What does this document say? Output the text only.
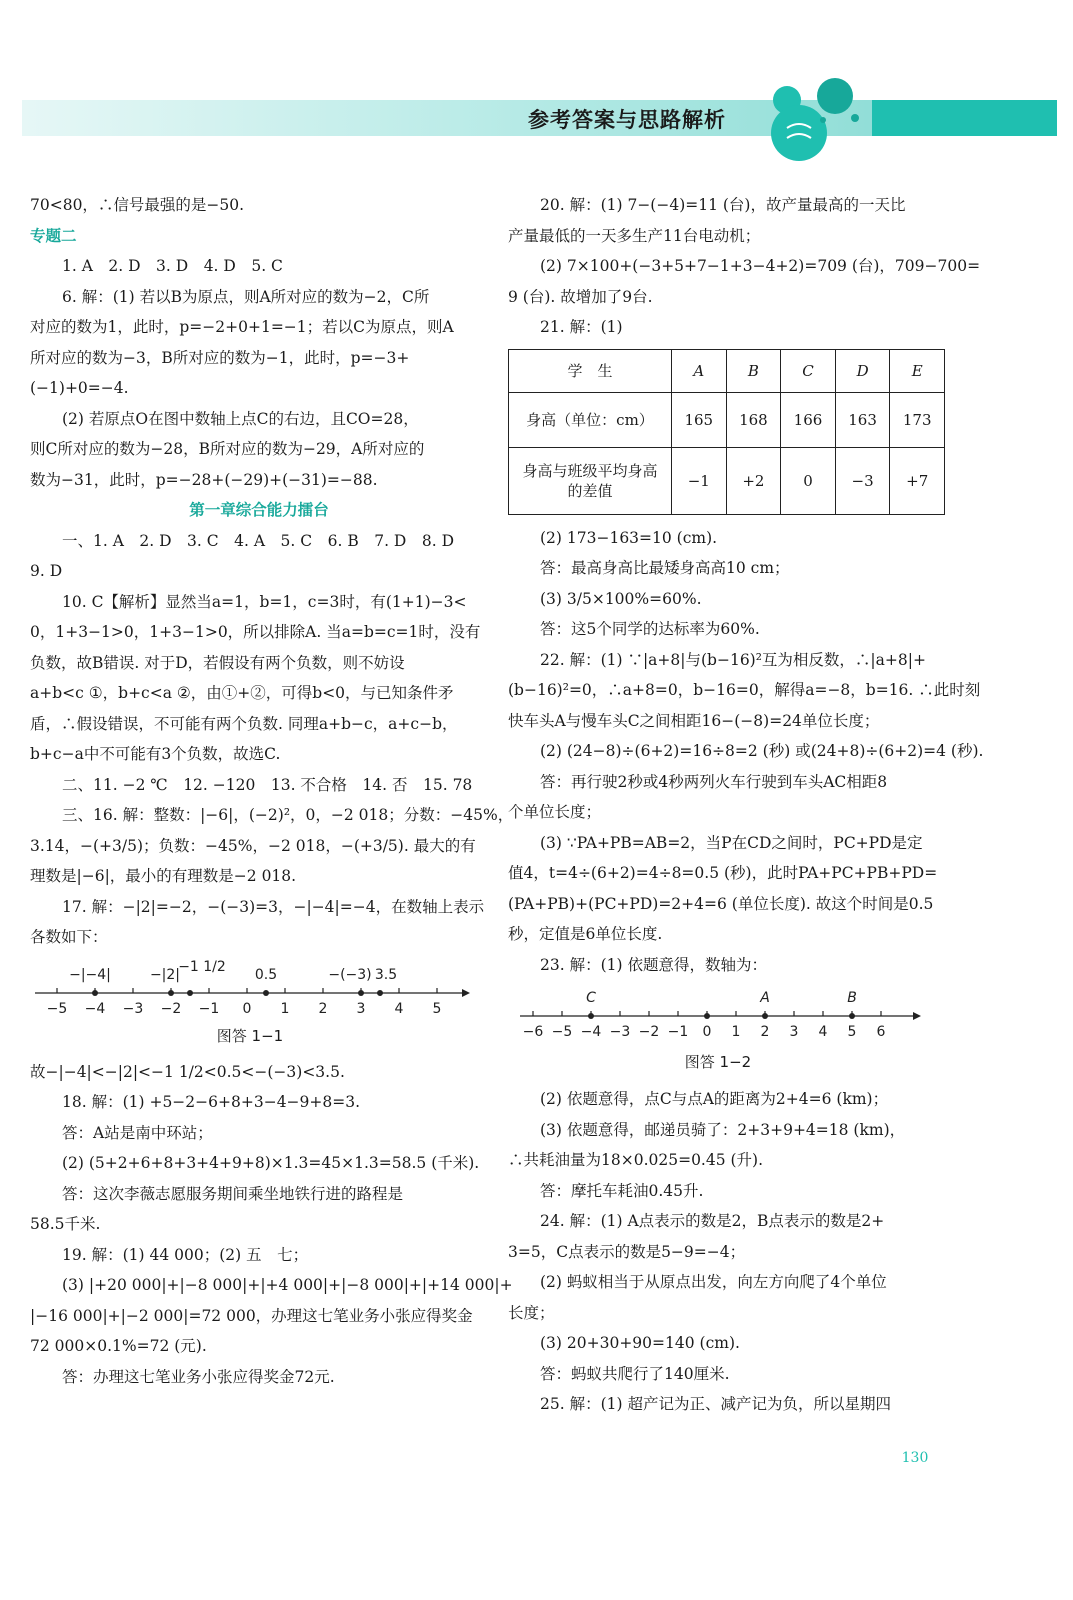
参考答案与思路解析
70<80，∴信号最强的是−50.
专题二
1. A　2. D　3. D　4. D　5. C
6. 解：(1) 若以B为原点，则A所对应的数为−2，C所
对应的数为1，此时，p=−2+0+1=−1；若以C为原点，则A
所对应的数为−3，B所对应的数为−1，此时，p=−3+
(−1)+0=−4.
(2) 若原点O在图中数轴上点C的右边，且CO=28，
则C所对应的数为−28，B所对应的数为−29，A所对应的
数为−31，此时，p=−28+(−29)+(−31)=−88.
第一章综合能力擂台
一、1. A　2. D　3. C　4. A　5. C　6. B　7. D　8. D
9. D
10. C【解析】显然当a=1，b=1，c=3时，有(1+1)−3<
0，1+3−1>0，1+3−1>0，所以排除A. 当a=b=c=1时，没有
负数，故B错误. 对于D，若假设有两个负数，则不妨设
a+b<c ①，b+c<a ②，由①+②，可得b<0，与已知条件矛
盾，∴假设错误，不可能有两个负数. 同理a+b−c，a+c−b，
b+c−a中不可能有3个负数，故选C.
二、11. −2 ℃　12. −120　13. 不合格　14. 否　15. 78
三、16. 解：整数：|−6|，(−2)²，0，−2 018；分数：−45%，
3.14，−(+3/5)；负数：−45%，−2 018，−(+3/5). 最大的有
理数是|−6|，最小的有理数是−2 018.
17. 解：−|2|=−2，−(−3)=3，−|−4|=−4，在数轴上表示
各数如下：
−5 −4 −3 −2 −1 0 1 2 3 4 5
−|−4|	−|2|
−1 1/2 0.5	−(−3) 3.5
图答 1−1
故−|−4|<−|2|<−1 1/2<0.5<−(−3)<3.5.
18. 解：(1) +5−2−6+8+3−4−9+8=3.
答：A站是南中环站；
(2) (5+2+6+8+3+4+9+8)×1.3=45×1.3=58.5 (千米).
答：这次李薇志愿服务期间乘坐地铁行进的路程是
58.5千米.
19. 解：(1) 44 000；(2) 五　七；
(3) |+20 000|+|−8 000|+|+4 000|+|−8 000|+|+14 000|+
|−16 000|+|−2 000|=72 000，办理这七笔业务小张应得奖金
72 000×0.1%=72 (元).
答：办理这七笔业务小张应得奖金72元.
20. 解：(1) 7−(−4)=11 (台)，故产量最高的一天比
产量最低的一天多生产11台电动机；
(2) 7×100+(−3+5+7−1+3−4+2)=709 (台)，709−700=
9 (台). 故增加了9台.
21. 解：(1)
学　生	A	B	C	D	E
身高（单位：cm）	165	168	166	163	173
身高与班级平均身高
的差值	−1	+2	0	−3	+7
(2) 173−163=10 (cm).
答：最高身高比最矮身高高10 cm；
(3) 3/5×100%=60%.
答：这5个同学的达标率为60%.
22. 解：(1) ∵|a+8|与(b−16)²互为相反数，∴|a+8|+
(b−16)²=0，∴a+8=0，b−16=0，解得a=−8，b=16. ∴此时刻
快车头A与慢车头C之间相距16−(−8)=24单位长度；
(2) (24−8)÷(6+2)=16÷8=2 (秒) 或(24+8)÷(6+2)=4 (秒).
答：再行驶2秒或4秒两列火车行驶到车头AC相距8
个单位长度；
(3) ∵PA+PB=AB=2，当P在CD之间时，PC+PD是定
值4，t=4÷(6+2)=4÷8=0.5 (秒)，此时PA+PC+PB+PD=
(PA+PB)+(PC+PD)=2+4=6 (单位长度). 故这个时间是0.5
秒，定值是6单位长度.
23. 解：(1) 依题意得，数轴为：
−6 −5 −4 −3 −2 −1 0 1 2 3 4 5 6
C	A	B
图答 1−2
(2) 依题意得，点C与点A的距离为2+4=6 (km)；
(3) 依题意得，邮递员骑了：2+3+9+4=18 (km)，
∴共耗油量为18×0.025=0.45 (升).
答：摩托车耗油0.45升.
24. 解：(1) A点表示的数是2，B点表示的数是2+
3=5，C点表示的数是5−9=−4；
(2) 蚂蚁相当于从原点出发，向左方向爬了4个单位
长度；
(3) 20+30+90=140 (cm).
答：蚂蚁共爬行了140厘米.
25. 解：(1) 超产记为正、减产记为负，所以星期四
130
